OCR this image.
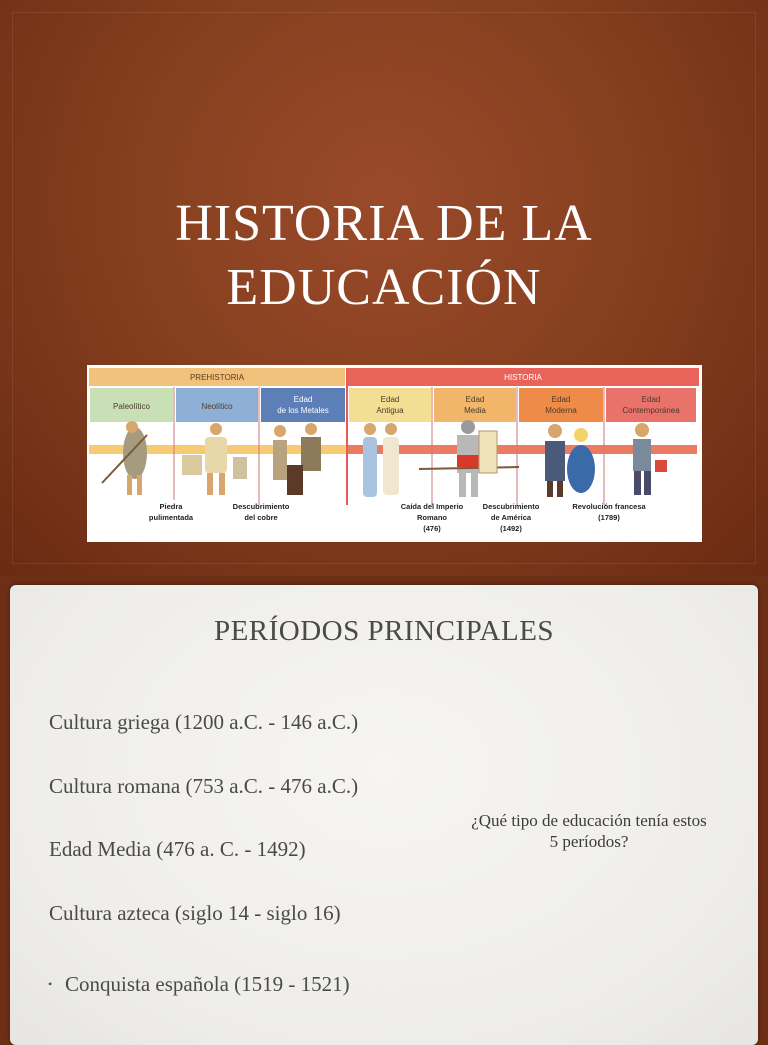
HISTORIA DE LA
EDUCACIÓN
PREHISTORIA	HISTORIA
Paleolítico	Neolítico
Edad
de los Metales
Edad
Antigua
Edad
Media
Edad
Moderna
Edad
Contemporánea
Piedra
pulimentada
Descubrimiento
del cobre
Caída del Imperio
Romano
(476)
Descubrimiento
de América
(1492)
Revolución francesa
(1789)
PERÍODOS PRINCIPALES
Cultura griega (1200 a.C. - 146 a.C.)
Cultura romana (753 a.C. - 476 a.C.)
Edad Media (476 a. C. - 1492)
Cultura azteca (siglo 14 - siglo 16)
• Conquista española (1519 - 1521)
¿Qué tipo de educación tenía estos 5 períodos?
